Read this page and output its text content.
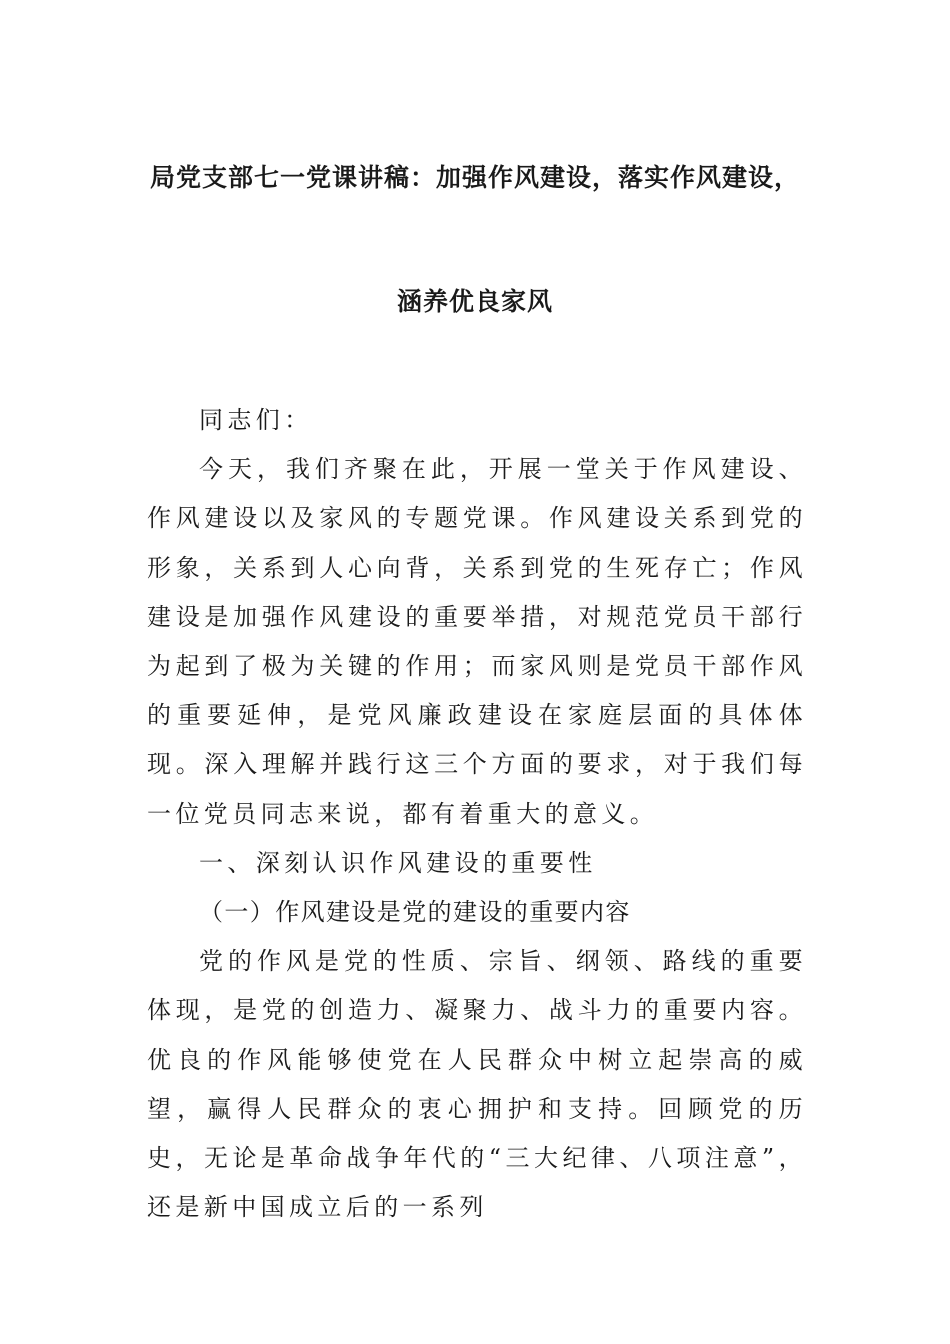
局党支部七一党课讲稿：加强作风建设，落实作风建设，
涵养优良家风

同志们：

今天，我们齐聚在此，开展一堂关于作风建设、作风建设以及家风的专题党课。作风建设关系到党的形象，关系到人心向背，关系到党的生死存亡；作风建设是加强作风建设的重要举措，对规范党员干部行为起到了极为关键的作用；而家风则是党员干部作风的重要延伸，是党风廉政建设在家庭层面的具体体现。深入理解并践行这三个方面的要求，对于我们每一位党员同志来说，都有着重大的意义。

一、深刻认识作风建设的重要性

（一）作风建设是党的建设的重要内容

党的作风是党的性质、宗旨、纲领、路线的重要体现，是党的创造力、凝聚力、战斗力的重要内容。优良的作风能够使党在人民群众中树立起崇高的威望，赢得人民群众的衷心拥护和支持。回顾党的历史，无论是革命战争年代的“三大纪律、八项注意”，还是新中国成立后的一系列
